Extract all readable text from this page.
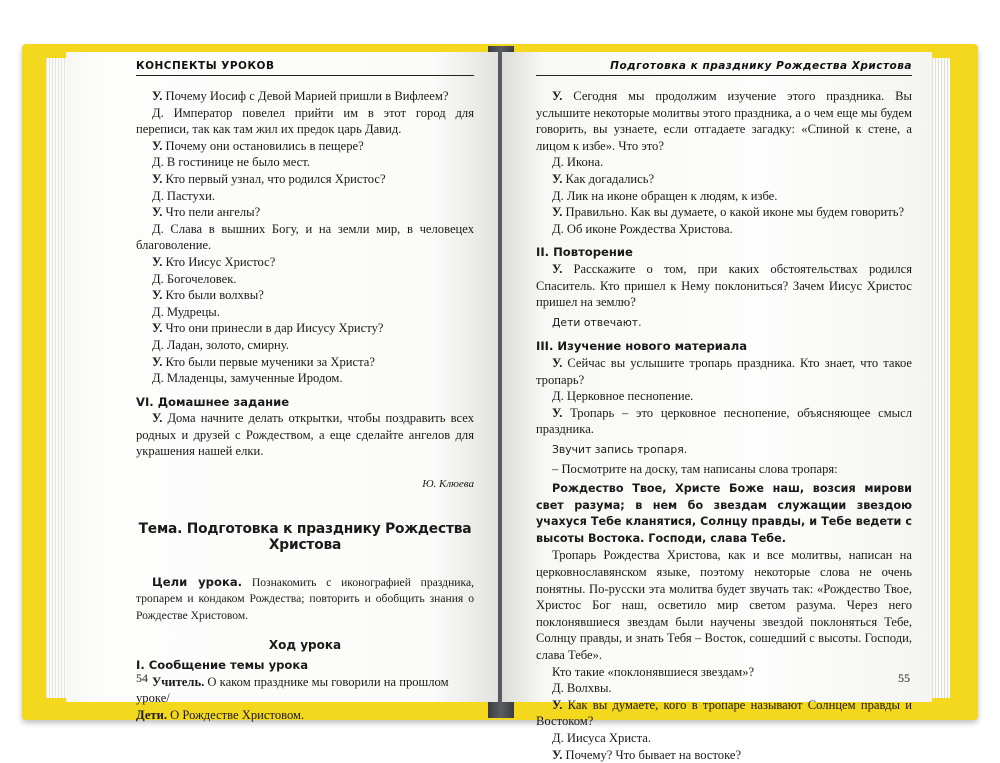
КОНСПЕКТЫ УРОКОВ

У. Почему Иосиф с Девой Марией пришли в Вифлеем?

Д. Император повелел прийти им в этот город для переписи, так как там жил их предок царь Давид.

У. Почему они остановились в пещере?

Д. В гостинице не было мест.

У. Кто первый узнал, что родился Христос?

Д. Пастухи.

У. Что пели ангелы?

Д. Слава в вышних Богу, и на земли мир, в человецех благоволение.

У. Кто Иисус Христос?

Д. Богочеловек.

У. Кто были волхвы?

Д. Мудрецы.

У. Что они принесли в дар Иисусу Христу?

Д. Ладан, золото, смирну.

У. Кто были первые мученики за Христа?

Д. Младенцы, замученные Иродом.

VI. Домашнее задание

У. Дома начните делать открытки, чтобы поздравить всех родных и друзей с Рождеством, а еще сделайте ангелов для украшения нашей елки.

Ю. Клюева
Тема. Подготовка к празднику Рождества Христова

Цели урока. Познакомить с иконографией праздника, тропарем и кондаком Рождества; повторить и обобщить знания о Рождестве Христовом.

Ход урока
I. Сообщение темы урока

Учитель. О каком празднике мы говорили на прошлом уроке/

Дети. О Рождестве Христовом.

54
Подготовка к празднику Рождества Христова

У. Сегодня мы продолжим изучение этого праздника. Вы услышите некоторые молитвы этого праздника, а о чем еще мы будем говорить, вы узнаете, если отгадаете загадку: «Спиной к стене, а лицом к избе». Что это?

Д. Икона.

У. Как догадались?

Д. Лик на иконе обращен к людям, к избе.

У. Правильно. Как вы думаете, о какой иконе мы будем говорить?

Д. Об иконе Рождества Христова.

II. Повторение

У. Расскажите о том, при каких обстоятельствах родился Спаситель. Кто пришел к Нему поклониться? Зачем Иисус Христос пришел на землю?

Дети отвечают.
III. Изучение нового материала

У. Сейчас вы услышите тропарь праздника. Кто знает, что такое тропарь?

Д. Церковное песнопение.

У. Тропарь – это церковное песнопение, объясняющее смысл праздника.

Звучит запись тропаря.

– Посмотрите на доску, там написаны слова тропаря:

Рождество Твое, Христе Боже наш, возсия мирови свет разума; в нем бо звездам служащии звездою учахуся Тебе кланятися, Солнцу правды, и Тебе ведети с высоты Востока. Господи, слава Тебе.

Тропарь Рождества Христова, как и все молитвы, написан на церковнославянском языке, поэтому некоторые слова не очень понятны. По-русски эта молитва будет звучать так: «Рождество Твое, Христос Бог наш, осветило мир светом разума. Через него поклонявшиеся звездам были научены звездой поклоняться Тебе, Солнцу правды, и знать Тебя – Восток, сошедший с высоты. Господи, слава Тебе».

Кто такие «поклонявшиеся звездам»?

Д. Волхвы.

У. Как вы думаете, кого в тропаре называют Солнцем правды и Востоком?

Д. Иисуса Христа.

У. Почему? Что бывает на востоке?

55
